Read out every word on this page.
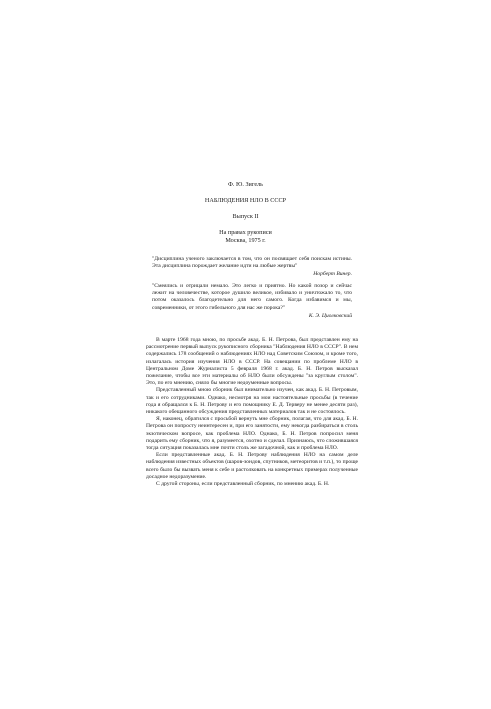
Ф. Ю. Зигель
НАБЛЮДЕНИЯ НЛО В СССР
Выпуск II
На правах рукописи
Москва, 1975 г.
"Дисциплина ученого заключается в том, что он посвящает себя поискам истины. Эта дисциплина порождает желание идти на любые жертвы"
Норберт Винер.
"Смеялись и отрицали немало. Это легко и приятно. Но какой позор и сейчас лежит на человечестве, которое душило великое, избивало и уничтожало то, что потом оказалось благодетельно для него самого. Когда избавимся и мы, современники, от этого гибельного для нас же порока?"
К. Э. Циолковский

В марте 1968 года мною, по просьбе акад. Б. Н. Петрова, был представлен ему на рассмотрение первый выпуск рукописного сборника "Наблюдения НЛО в СССР". В нем содержались 178 сообщений о наблюдениях НЛО над Советским Союзом, и кроме того, излагалась история изучения НЛО в СССР. На совещании по проблеме НЛО в Центральном Доме Журналиста 5 февраля 1968 г. акад. Б. Н. Петров высказал пожелание, чтобы все эти материалы об НЛО были обсуждены "за круглым столом". Это, по его мнению, сняло бы многие недоуменные вопросы.

Представленный мною сборник был внимательно изучен, как акад. Б. Н. Петровым, так и его сотрудниками. Однако, несмотря на мои настоятельные просьбы (в течение года я обращался к Б. Н. Петрову и его помощнику Е. Д. Терверу не менее десяти раз), никакого обещанного обсуждения представленных материалов так и не состоялось.

Я, наконец, обратился с просьбой вернуть мне сборник, полагая, что для акад. Б. Н. Петрова он попросту неинтересен и, при его занятости, ему некогда разбираться в столь экзотическом вопросе, как проблема НЛО. Однако, Б. Н. Петров попросил меня подарить ему сборник, что я, разумеется, охотно и сделал. Признаюсь, что сложившаяся тогда ситуация показалась мне почти столь же загадочной, как и проблема НЛО.

Если представленные акад. Б. Н. Петрову наблюдения НЛО на самом деле наблюдения известных объектов (шаров-зондов, спутников, метеоритов и т.п.), то проще всего было бы вызвать меня к себе и растолковать на конкретных примерах полученные досадное недоразумение.

С другой стороны, если представленный сборник, по мнению акад. Б. Н.
